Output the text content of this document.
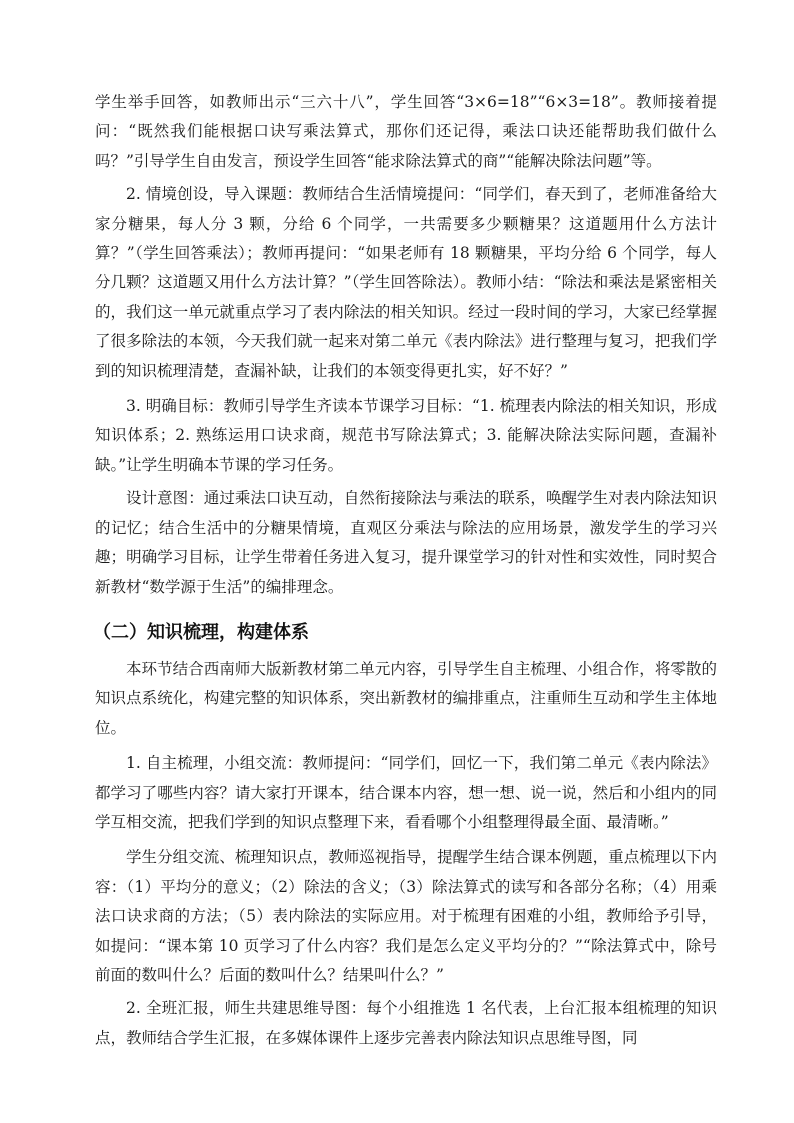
学生举手回答，如教师出示“三六十八”，学生回答“3×6=18”“6×3=18”。教师接着提问：“既然我们能根据口诀写乘法算式，那你们还记得，乘法口诀还能帮助我们做什么吗？”引导学生自由发言，预设学生回答“能求除法算式的商”“能解决除法问题”等。

2. 情境创设，导入课题：教师结合生活情境提问：“同学们，春天到了，老师准备给大家分糖果，每人分 3 颗，分给 6 个同学，一共需要多少颗糖果？这道题用什么方法计算？”（学生回答乘法）；教师再提问：“如果老师有 18 颗糖果，平均分给 6 个同学，每人分几颗？这道题又用什么方法计算？”（学生回答除法）。教师小结：“除法和乘法是紧密相关的，我们这一单元就重点学习了表内除法的相关知识。经过一段时间的学习，大家已经掌握了很多除法的本领，今天我们就一起来对第二单元《表内除法》进行整理与复习，把我们学到的知识梳理清楚，查漏补缺，让我们的本领变得更扎实，好不好？”

3. 明确目标：教师引导学生齐读本节课学习目标：“1. 梳理表内除法的相关知识，形成知识体系；2. 熟练运用口诀求商，规范书写除法算式；3. 能解决除法实际问题，查漏补缺。”让学生明确本节课的学习任务。

设计意图：通过乘法口诀互动，自然衔接除法与乘法的联系，唤醒学生对表内除法知识的记忆；结合生活中的分糖果情境，直观区分乘法与除法的应用场景，激发学生的学习兴趣；明确学习目标，让学生带着任务进入复习，提升课堂学习的针对性和实效性，同时契合新教材“数学源于生活”的编排理念。

（二）知识梳理，构建体系

本环节结合西南师大版新教材第二单元内容，引导学生自主梳理、小组合作，将零散的知识点系统化，构建完整的知识体系，突出新教材的编排重点，注重师生互动和学生主体地位。

1. 自主梳理，小组交流：教师提问：“同学们，回忆一下，我们第二单元《表内除法》都学习了哪些内容？请大家打开课本，结合课本内容，想一想、说一说，然后和小组内的同学互相交流，把我们学到的知识点整理下来，看看哪个小组整理得最全面、最清晰。”

学生分组交流、梳理知识点，教师巡视指导，提醒学生结合课本例题，重点梳理以下内容：（1）平均分的意义；（2）除法的含义；（3）除法算式的读写和各部分名称；（4）用乘法口诀求商的方法；（5）表内除法的实际应用。对于梳理有困难的小组，教师给予引导，如提问：“课本第 10 页学习了什么内容？我们是怎么定义平均分的？”“除法算式中，除号前面的数叫什么？后面的数叫什么？结果叫什么？”

2. 全班汇报，师生共建思维导图：每个小组推选 1 名代表，上台汇报本组梳理的知识点，教师结合学生汇报，在多媒体课件上逐步完善表内除法知识点思维导图，同
